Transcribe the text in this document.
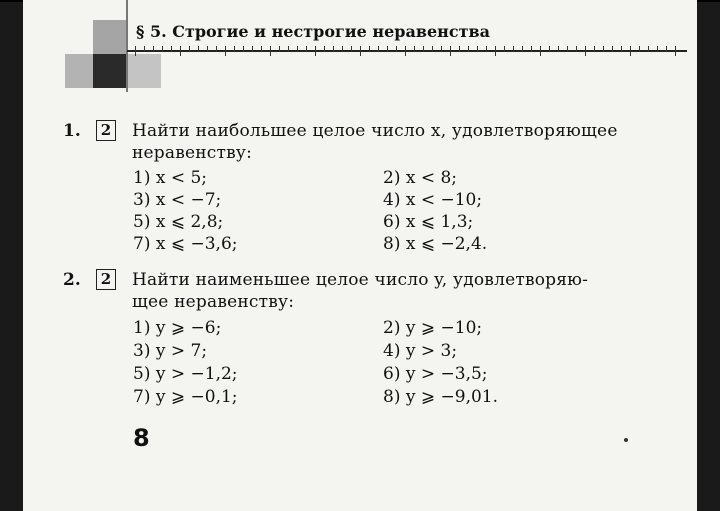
§ 5. Строгие и нестрогие неравенства
1.	2 Найти наибольшее целое число x, удовлетворяющее
неравенству:
1) x < 5;	2) x < 8;
3) x < −7;	4) x < −10;
5) x ⩽ 2,8;	6) x ⩽ 1,3;
7) x ⩽ −3,6;	8) x ⩽ −2,4.
2.	2 Найти наименьшее целое число y, удовлетворяю-
щее неравенству:
1) y ⩾ −6;	2) y ⩾ −10;
3) y > 7;	4) y > 3;
5) y > −1,2;	6) y > −3,5;
7) y ⩾ −0,1;	8) y ⩾ −9,01.
8
